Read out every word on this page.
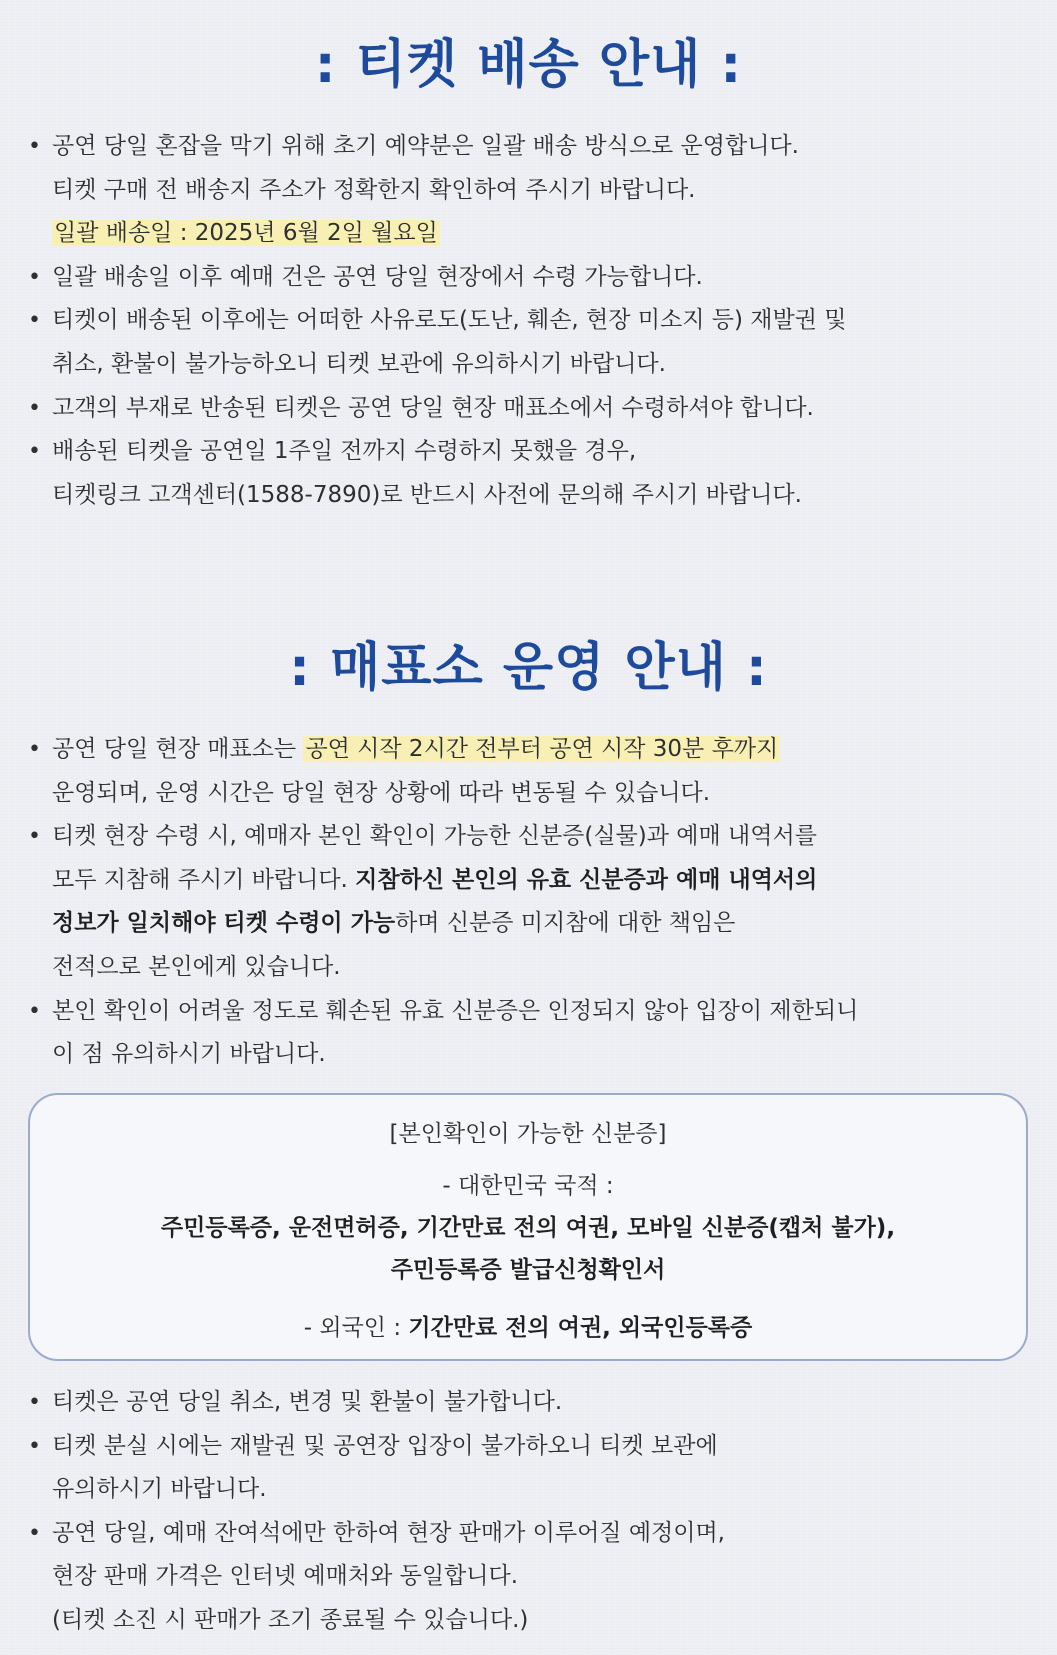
: 티켓 배송 안내 :
• 공연 당일 혼잡을 막기 위해 초기 예약분은 일괄 배송 방식으로 운영합니다.
티켓 구매 전 배송지 주소가 정확한지 확인하여 주시기 바랍니다.
일괄 배송일 : 2025년 6월 2일 월요일
• 일괄 배송일 이후 예매 건은 공연 당일 현장에서 수령 가능합니다.
• 티켓이 배송된 이후에는 어떠한 사유로도(도난, 훼손, 현장 미소지 등) 재발권 및
취소, 환불이 불가능하오니 티켓 보관에 유의하시기 바랍니다.
• 고객의 부재로 반송된 티켓은 공연 당일 현장 매표소에서 수령하셔야 합니다.
• 배송된 티켓을 공연일 1주일 전까지 수령하지 못했을 경우,
티켓링크 고객센터(1588-7890)로 반드시 사전에 문의해 주시기 바랍니다.
: 매표소 운영 안내 :
• 공연 당일 현장 매표소는 공연 시작 2시간 전부터 공연 시작 30분 후까지
운영되며, 운영 시간은 당일 현장 상황에 따라 변동될 수 있습니다.
• 티켓 현장 수령 시, 예매자 본인 확인이 가능한 신분증(실물)과 예매 내역서를
모두 지참해 주시기 바랍니다. 지참하신 본인의 유효 신분증과 예매 내역서의
정보가 일치해야 티켓 수령이 가능하며 신분증 미지참에 대한 책임은
전적으로 본인에게 있습니다.
• 본인 확인이 어려울 정도로 훼손된 유효 신분증은 인정되지 않아 입장이 제한되니
이 점 유의하시기 바랍니다.
[본인확인이 가능한 신분증]
- 대한민국 국적 :
주민등록증, 운전면허증, 기간만료 전의 여권, 모바일 신분증(캡처 불가),
주민등록증 발급신청확인서
- 외국인 : 기간만료 전의 여권, 외국인등록증
• 티켓은 공연 당일 취소, 변경 및 환불이 불가합니다.
• 티켓 분실 시에는 재발권 및 공연장 입장이 불가하오니 티켓 보관에
유의하시기 바랍니다.
• 공연 당일, 예매 잔여석에만 한하여 현장 판매가 이루어질 예정이며,
현장 판매 가격은 인터넷 예매처와 동일합니다.
(티켓 소진 시 판매가 조기 종료될 수 있습니다.)
